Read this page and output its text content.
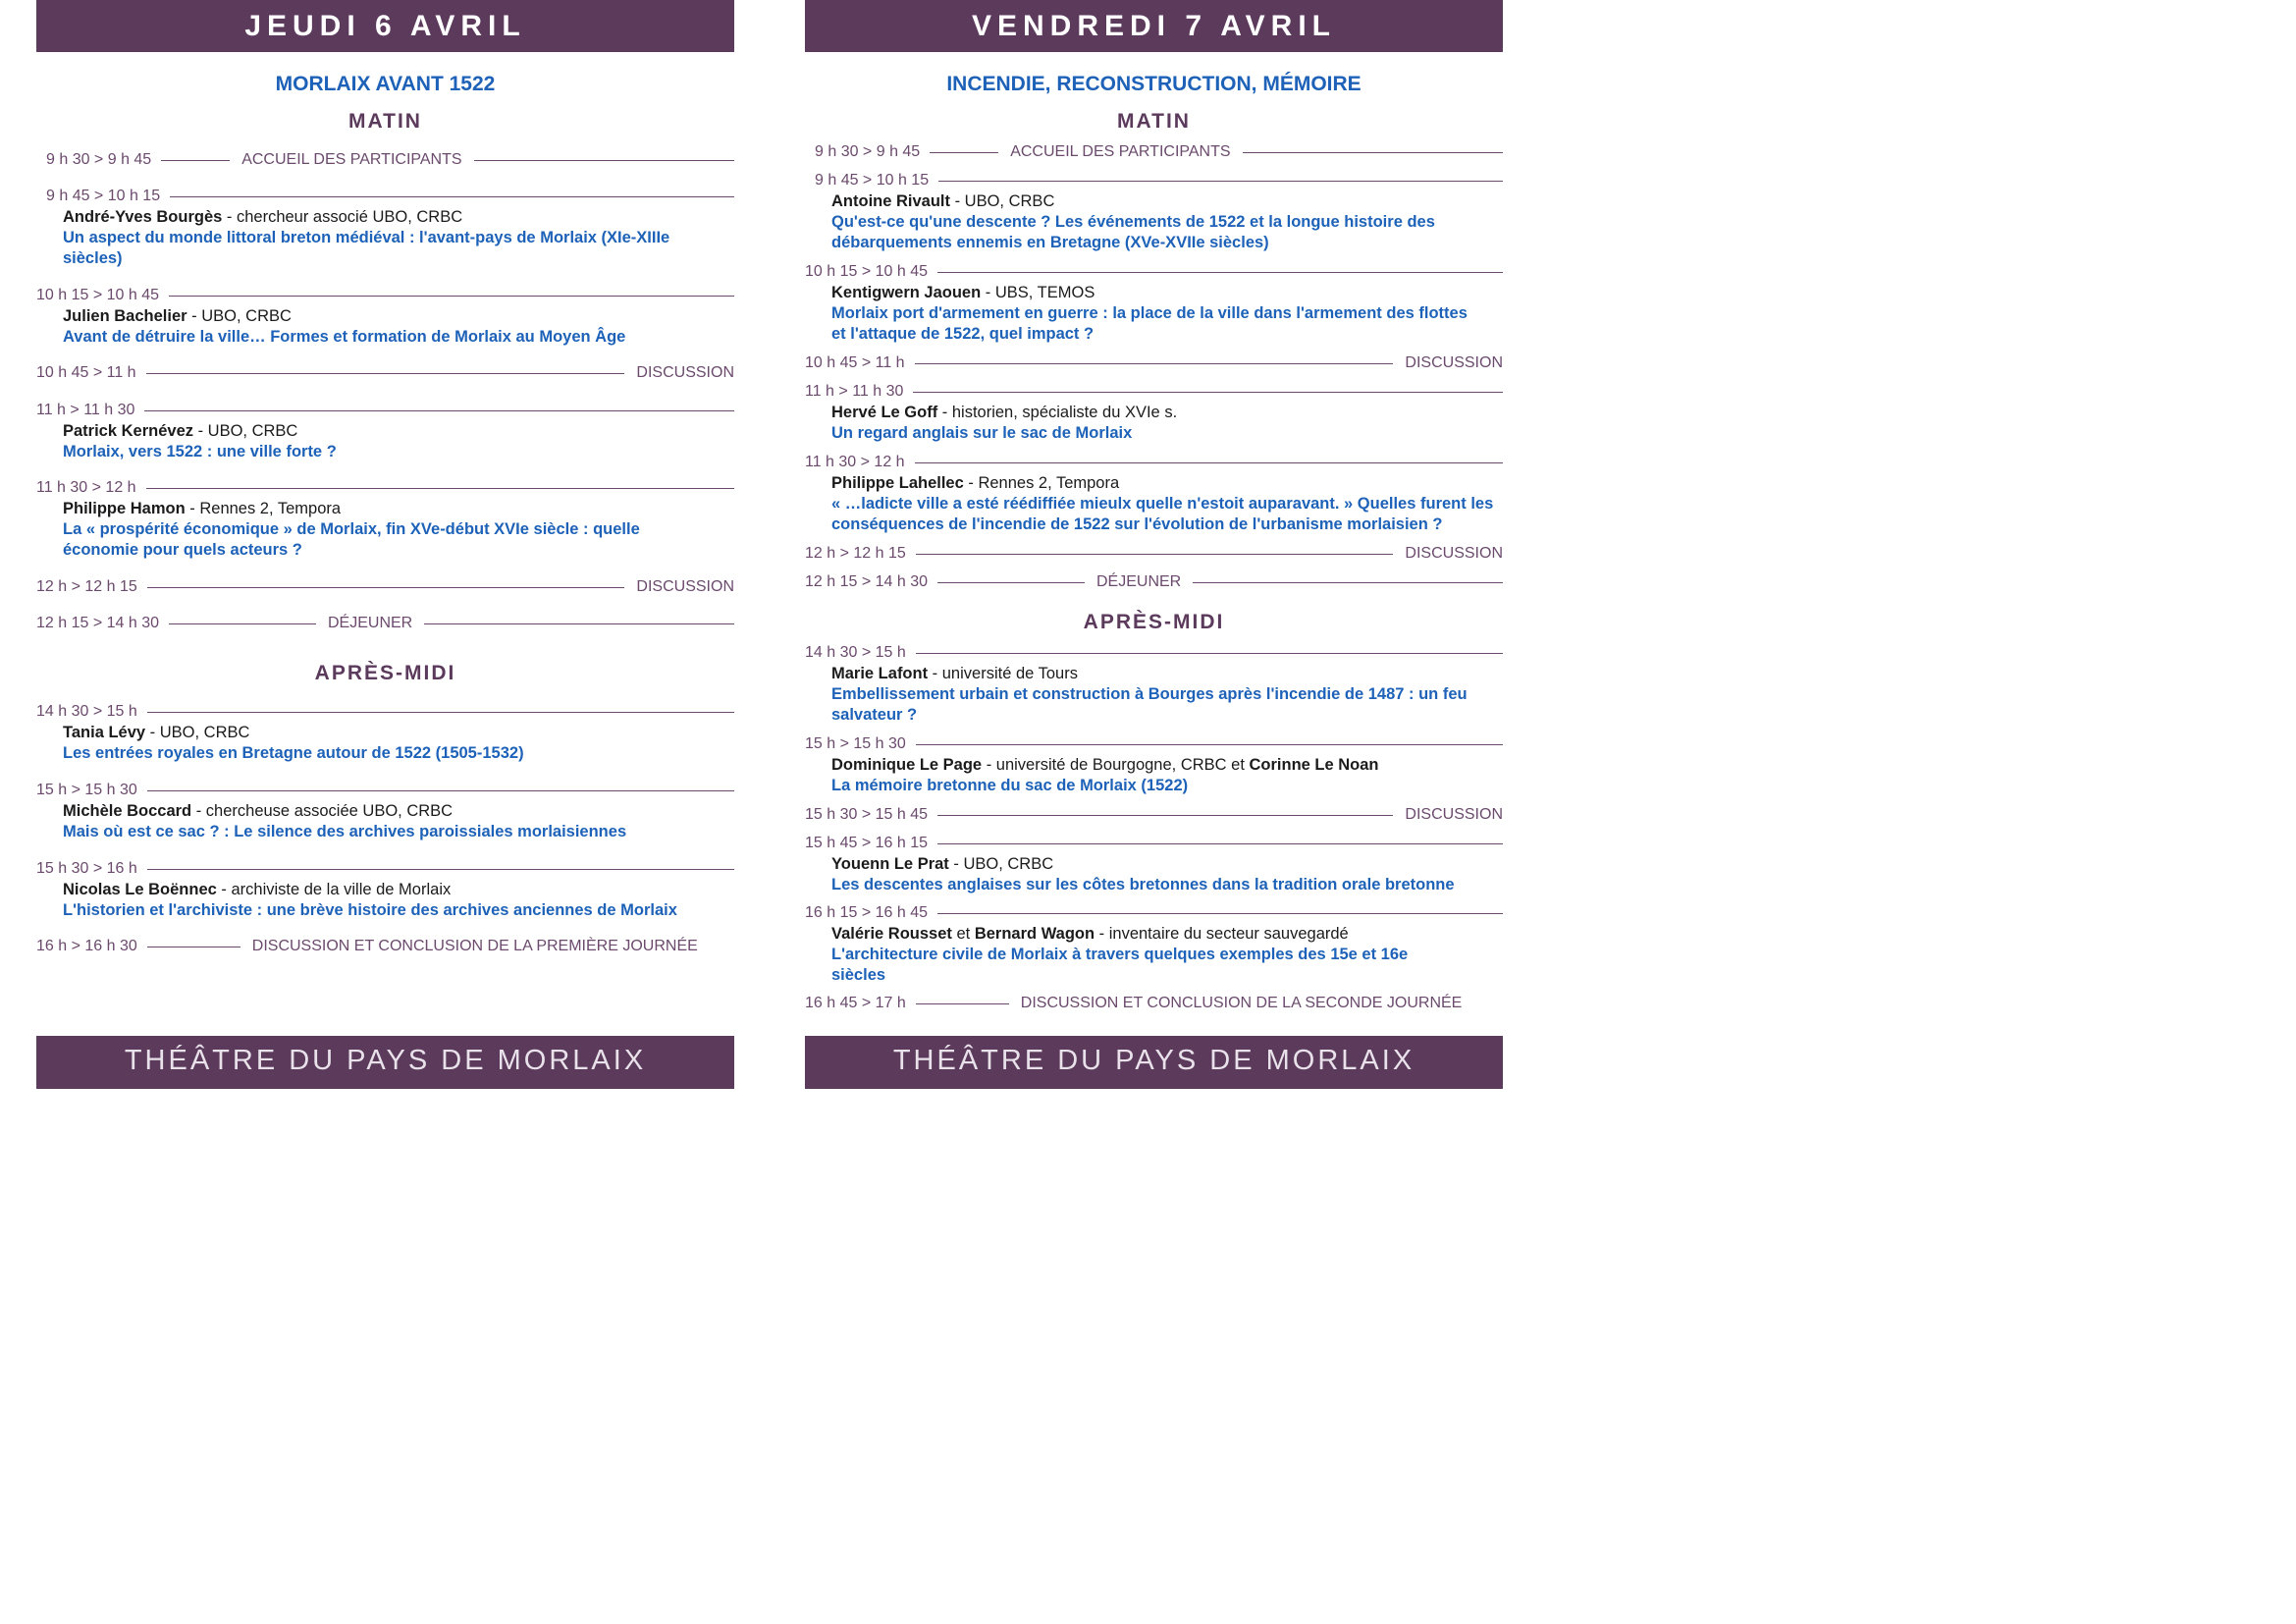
JEUDI 6 AVRIL
MORLAIX AVANT 1522
MATIN
9 h 30 > 9 h 45	ACCUEIL DES PARTICIPANTS
9 h 45 > 10 h 15
André-Yves Bourgès - chercheur associé UBO, CRBC
Un aspect du monde littoral breton médiéval : l'avant-pays de Morlaix (XIe-XIIIe siècles)
10 h 15 > 10 h 45
Julien Bachelier - UBO, CRBC
Avant de détruire la ville… Formes et formation de Morlaix au Moyen Âge
10 h 45 > 11 h	DISCUSSION
11 h > 11 h 30
Patrick Kernévez - UBO, CRBC
Morlaix, vers 1522 : une ville forte ?
11 h 30 > 12 h
Philippe Hamon - Rennes 2, Tempora
La « prospérité économique » de Morlaix, fin XVe-début XVIe siècle : quelle économie pour quels acteurs ?
12 h > 12 h 15	DISCUSSION
12 h 15 > 14 h 30	DÉJEUNER
APRÈS-MIDI
14 h 30 > 15 h
Tania Lévy - UBO, CRBC
Les entrées royales en Bretagne autour de 1522 (1505-1532)
15 h > 15 h 30
Michèle Boccard - chercheuse associée UBO, CRBC
Mais où est ce sac ? : Le silence des archives paroissiales morlaisiennes
15 h 30 > 16 h
Nicolas Le Boënnec - archiviste de la ville de Morlaix
L'historien et l'archiviste : une brève histoire des archives anciennes de Morlaix
16 h > 16 h 30	DISCUSSION ET CONCLUSION DE LA PREMIÈRE JOURNÉE
THÉÂTRE DU PAYS DE MORLAIX
VENDREDI 7 AVRIL
INCENDIE, RECONSTRUCTION, MÉMOIRE
MATIN
9 h 30 > 9 h 45	ACCUEIL DES PARTICIPANTS
9 h 45 > 10 h 15
Antoine Rivault - UBO, CRBC
Qu'est-ce qu'une descente ? Les événements de 1522 et la longue histoire des débarquements ennemis en Bretagne (XVe-XVIIe siècles)
10 h 15 > 10 h 45
Kentigwern Jaouen - UBS, TEMOS
Morlaix port d'armement en guerre : la place de la ville dans l'armement des flottes et l'attaque de 1522, quel impact ?
10 h 45 > 11 h	DISCUSSION
11 h > 11 h 30
Hervé Le Goff - historien, spécialiste du XVIe s.
Un regard anglais sur le sac de Morlaix
11 h 30 > 12 h
Philippe Lahellec - Rennes 2, Tempora
« …ladicte ville a esté réédiffiée mieulx quelle n'estoit auparavant. » Quelles furent les conséquences de l'incendie de 1522 sur l'évolution de l'urbanisme morlaisien ?
12 h > 12 h 15	DISCUSSION
12 h 15 > 14 h 30	DÉJEUNER
APRÈS-MIDI
14 h 30 > 15 h
Marie Lafont - université de Tours
Embellissement urbain et construction à Bourges après l'incendie de 1487 : un feu salvateur ?
15 h > 15 h 30
Dominique Le Page - université de Bourgogne, CRBC et Corinne Le Noan
La mémoire bretonne du sac de Morlaix (1522)
15 h 30 > 15 h 45	DISCUSSION
15 h 45 > 16 h 15
Youenn Le Prat - UBO, CRBC
Les descentes anglaises sur les côtes bretonnes dans la tradition orale bretonne
16 h 15 > 16 h 45
Valérie Rousset et Bernard Wagon - inventaire du secteur sauvegardé
L'architecture civile de Morlaix à travers quelques exemples des 15e et 16e siècles
16 h 45 > 17 h	DISCUSSION ET CONCLUSION DE LA SECONDE JOURNÉE
THÉÂTRE DU PAYS DE MORLAIX
